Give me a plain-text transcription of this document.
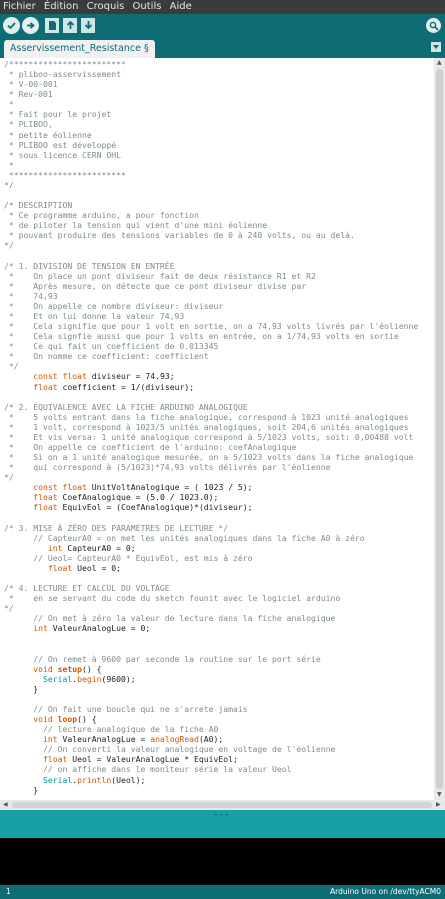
Fichier Édition Croquis Outils Aide
Asservissement_Resistance §
/************************
* pliboo-asservissement
* V-00-001
* Rev-001
*
* Fait pour le projet
* PLIBOO,
* petite éolienne
* PLIBOO est développé
* sous licence CERN OHL
*
************************
*/
/* DESCRIPTION
* Ce programme arduino, a pour fonction
* de piloter la tension qui vient d'une mini éolienne
* pouvant produire des tensions variables de 0 à 240 volts, ou au delà.
*/
/* 1. DIVISION DE TENSION EN ENTRÉE
*    On place un pont diviseur fait de deux résistance R1 et R2
*    Après mesure, on détecte que ce pont diviseur divise par
*    74,93
*    On appelle ce nombre diviseur: diviseur
*    Et on lui donne la valeur 74,93
*    Cela signifie que pour 1 volt en sortie, on a 74,93 volts livrés par l'éolienne
*    Cela signfie aussi que pour 1 volts en entrée, on a 1/74,93 volts en sortie
*    Ce qui fait un coefficient de 0.013345
*    On nomme ce coefficient: coefficient
*/
const float diviseur = 74.93;
float coefficient = 1/(diviseur);
/* 2. ÉQUIVALENCE AVEC LA FICHE ARDUINO ANALOGIQUE
*    5 volts entrant dans la fiche analogique, correspond à 1023 unité analogiques
*    1 volt, correspond à 1023/5 unités analogiques, soit 204,6 unités analogiques
*    Et vis versa: 1 unité analogique correspond à 5/1023 volts, soit: 0,00488 volt
*    On appelle ce coefficient de l'arduino: coefAnalogique
*    Si on a 1 unité analogique mesurée, on a 5/1023 volts dans la fiche analogique
*    qui correspond à (5/1023)*74,93 volts délivrés par l'éolienne
*/
const float UnitVoltAnalogique = ( 1023 / 5);
float CoefAnalogique = (5.0 / 1023.0);
float EquivEol = (CoefAnalogique)*(diviseur);
/* 3. MISE À ZÉRO DES PARAMÈTRES DE LECTURE */
// CapteurA0 = on met les unités analogiques dans la fiche A0 à zéro
int CapteurA0 = 0;
// Ueol= CapteurA0 * EquivEol, est mis à zéro
float Ueol = 0;
/* 4. LECTURE ET CALCUL DU VOLTAGE
*    en se servant du code du sketch founit avec le logiciel arduino
*/
// On met à zéro la valeur de lecture dans la fiche analogique
int ValeurAnalogLue = 0;
// On remet à 9600 par seconde la routine sur le port série
void setup() {
Serial.begin(9600);
}
// On fait une boucle qui ne s'arrete jamais
void loop() {
// lecture analogique de la fiche A0
int ValeurAnalogLue = analogRead(A0);
// On converti la valeur analogique en voltage de l'éolienne
float Ueol = ValeurAnalogLue * EquivEol;
// on affiche dans le moniteur série la valeur Ueol
Serial.println(Ueol);
}
▲
▼
◀	▶
• • •
1	Arduino Uno on /dev/ttyACM0
